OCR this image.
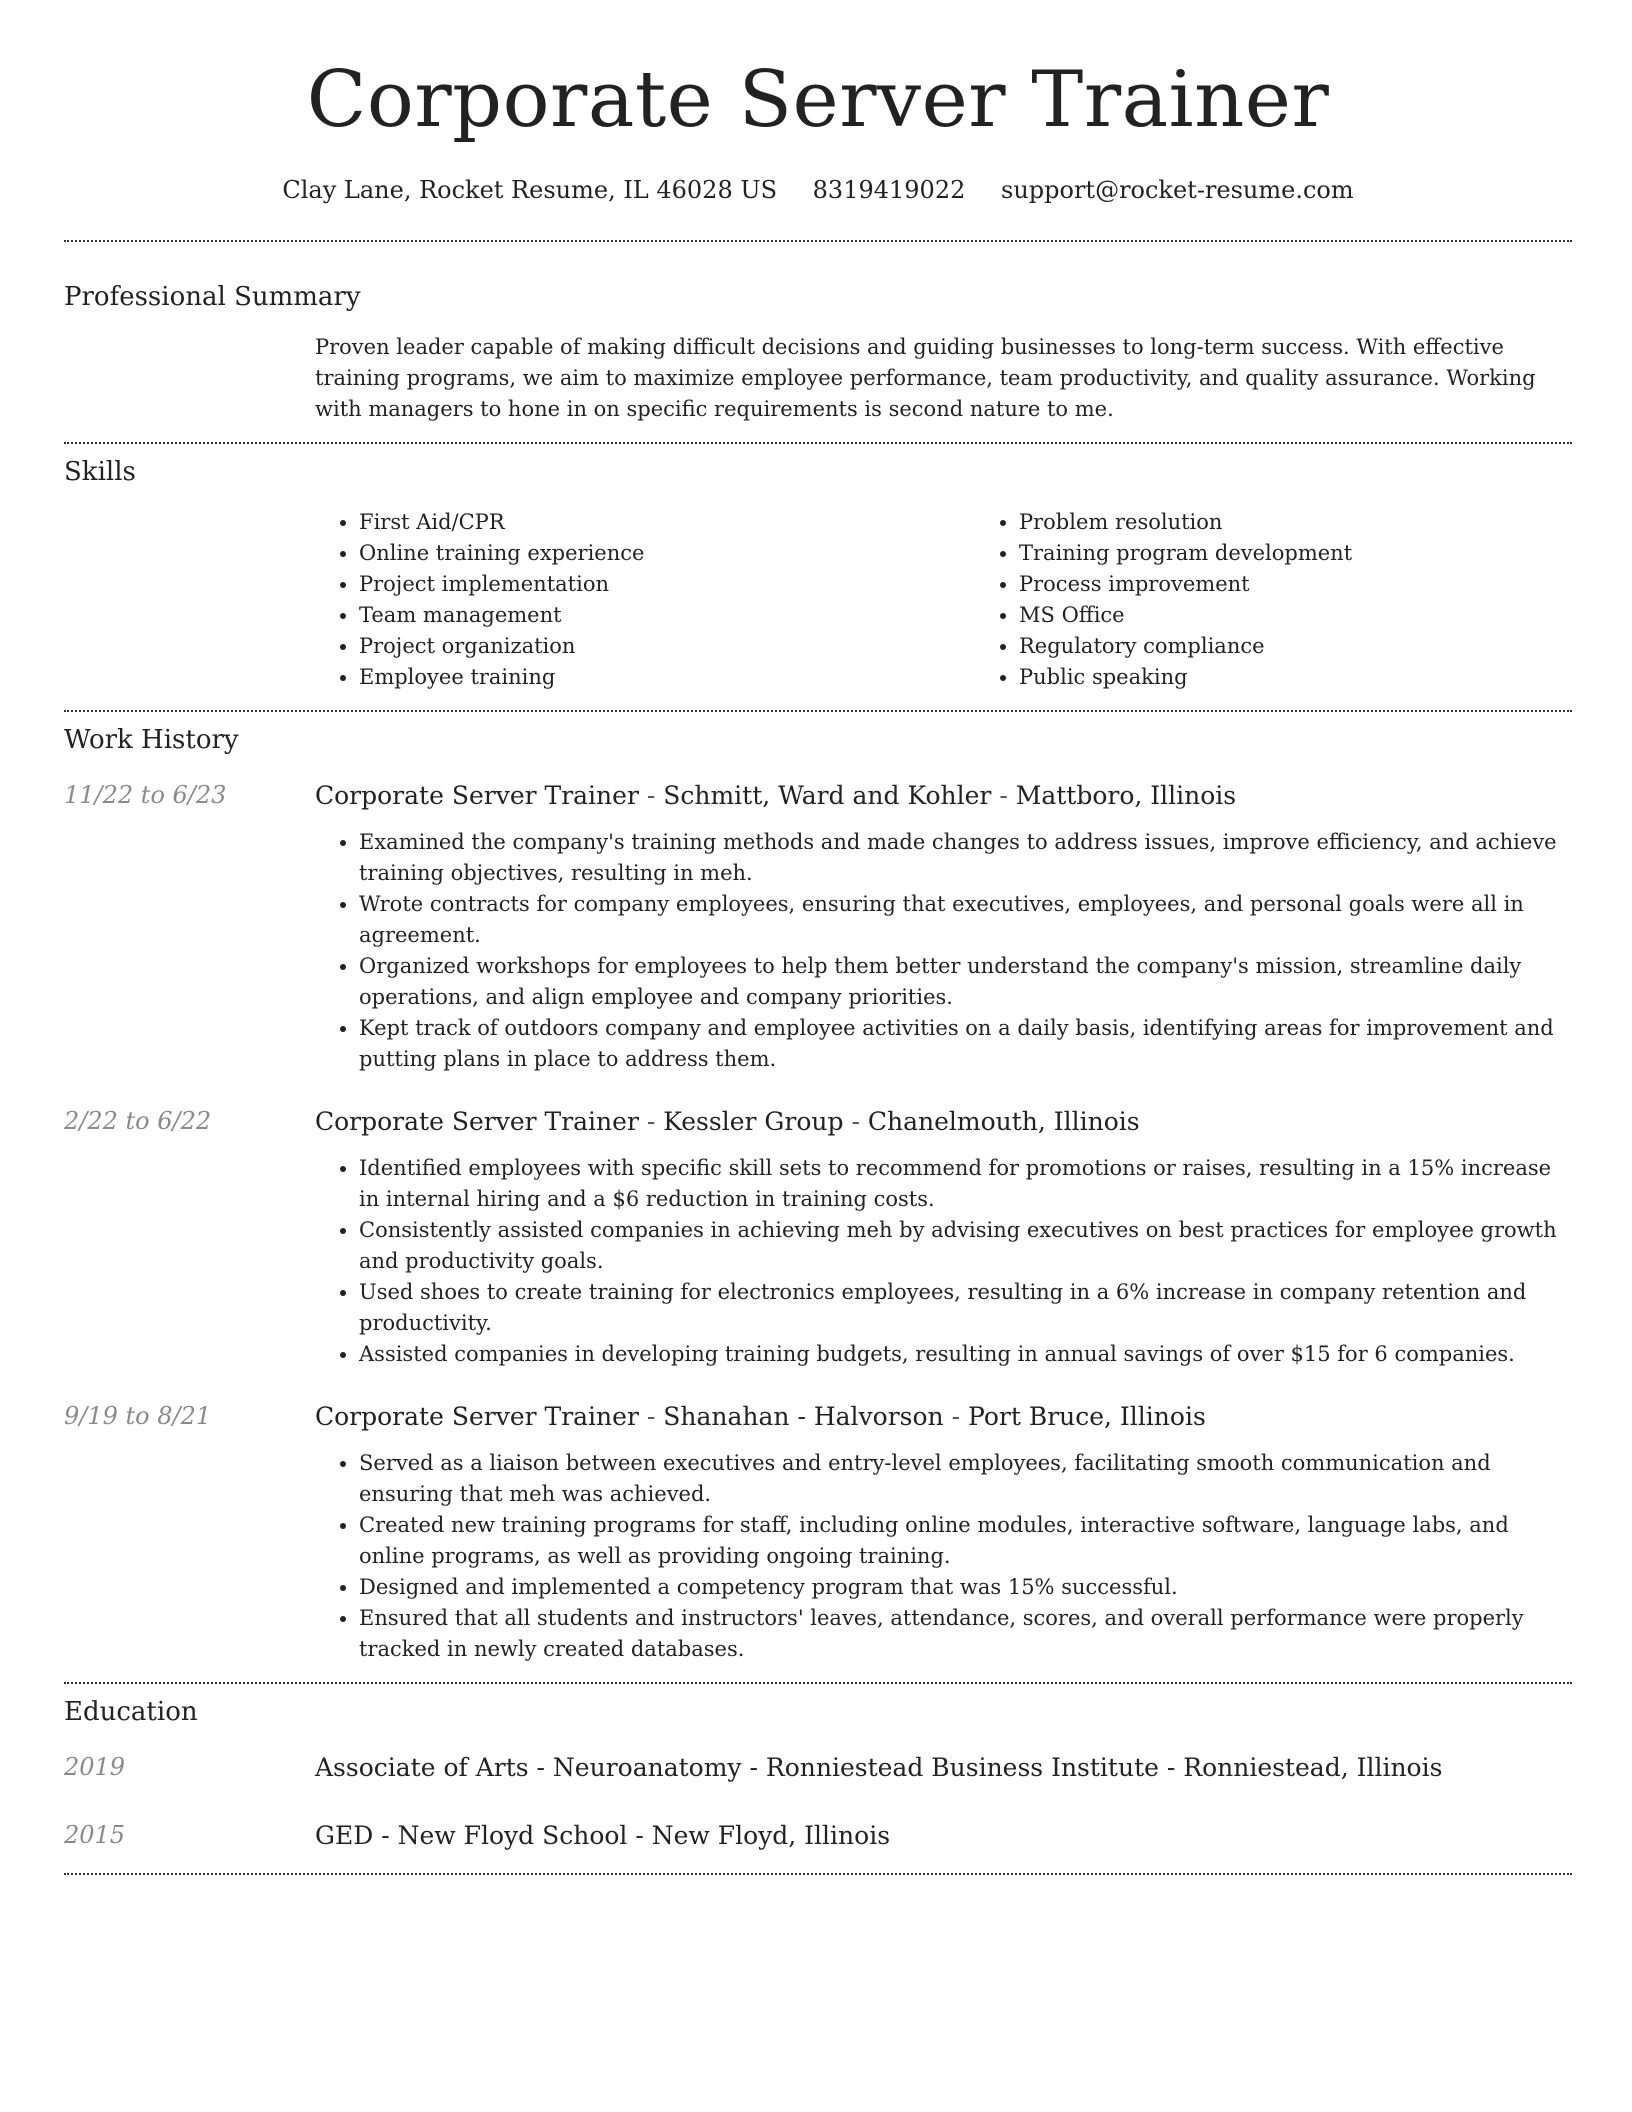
Corporate Server Trainer
Clay Lane, Rocket Resume, IL 46028 US 8319419022 support@rocket-resume.com
Professional Summary
Proven leader capable of making difficult decisions and guiding businesses to long-term success. With effective training programs, we aim to maximize employee performance, team productivity, and quality assurance. Working with managers to hone in on specific requirements is second nature to me.
Skills
• First Aid/CPR
• Online training experience
• Project implementation
• Team management
• Project organization
• Employee training
• Problem resolution
• Training program development
• Process improvement
• MS Office
• Regulatory compliance
• Public speaking
Work History
11/22 to 6/23	Corporate Server Trainer - Schmitt, Ward and Kohler - Mattboro, Illinois
• Examined the company's training methods and made changes to address issues, improve efficiency, and achieve training objectives, resulting in meh.
• Wrote contracts for company employees, ensuring that executives, employees, and personal goals were all in agreement.
• Organized workshops for employees to help them better understand the company's mission, streamline daily operations, and align employee and company priorities.
• Kept track of outdoors company and employee activities on a daily basis, identifying areas for improvement and putting plans in place to address them.
2/22 to 6/22	Corporate Server Trainer - Kessler Group - Chanelmouth, Illinois
• Identified employees with specific skill sets to recommend for promotions or raises, resulting in a 15% increase in internal hiring and a $6 reduction in training costs.
• Consistently assisted companies in achieving meh by advising executives on best practices for employee growth and productivity goals.
• Used shoes to create training for electronics employees, resulting in a 6% increase in company retention and productivity.
• Assisted companies in developing training budgets, resulting in annual savings of over $15 for 6 companies.
9/19 to 8/21	Corporate Server Trainer - Shanahan - Halvorson - Port Bruce, Illinois
• Served as a liaison between executives and entry-level employees, facilitating smooth communication and ensuring that meh was achieved.
• Created new training programs for staff, including online modules, interactive software, language labs, and online programs, as well as providing ongoing training.
• Designed and implemented a competency program that was 15% successful.
• Ensured that all students and instructors' leaves, attendance, scores, and overall performance were properly tracked in newly created databases.
Education
2019	Associate of Arts - Neuroanatomy - Ronniestead Business Institute - Ronniestead, Illinois
2015	GED - New Floyd School - New Floyd, Illinois
